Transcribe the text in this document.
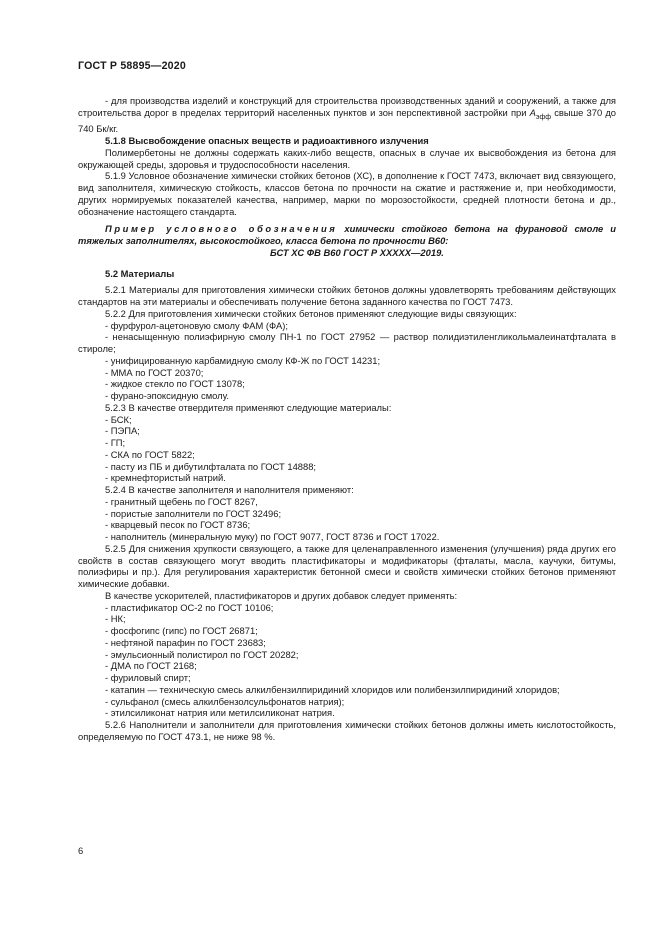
ГОСТ Р 58895—2020

- для производства изделий и конструкций для строительства производственных зданий и сооружений, а также для строительства дорог в пределах территорий населенных пунктов и зон перспективной застройки при $A_{эфф}$ свыше 370 до 740 Бк/кг.

5.1.8 Высвобождение опасных веществ и радиоактивного излучения

Полимербетоны не должны содержать каких-либо веществ, опасных в случае их высвобождения из бетона для окружающей среды, здоровья и трудоспособности населения.

5.1.9 Условное обозначение химически стойких бетонов (ХС), в дополнение к ГОСТ 7473, включает вид связующего, вид заполнителя, химическую стойкость, классов бетона по прочности на сжатие и растяжение и, при необходимости, других нормируемых показателей качества, например, марки по морозостойкости, средней плотности бетона и др., обозначение настоящего стандарта.

Пример условного обозначения химически стойкого бетона на фурановой смоле и тяжелых заполнителях, высокостойкого, класса бетона по прочности В60:

БСТ ХС ФВ В60 ГОСТ Р XXXXX—2019.

5.2 Материалы

5.2.1 Материалы для приготовления химически стойких бетонов должны удовлетворять требованиям действующих стандартов на эти материалы и обеспечивать получение бетона заданного качества по ГОСТ 7473.

5.2.2 Для приготовления химически стойких бетонов применяют следующие виды связующих:

- фурфурол-ацетоновую смолу ФАМ (ФА);

- ненасыщенную полиэфирную смолу ПН-1 по ГОСТ 27952 — раствор полидиэтиленгликольмалеинатфталата в стироле;

- унифицированную карбамидную смолу КФ-Ж по ГОСТ 14231;

- ММА по ГОСТ 20370;

- жидкое стекло по ГОСТ 13078;

- фурано-эпоксидную смолу.

5.2.3 В качестве отвердителя применяют следующие материалы:

- БСК;

- ПЭПА;

- ГП;

- СКА по ГОСТ 5822;

- пасту из ПБ и дибутилфталата по ГОСТ 14888;

- кремнефтористый натрий.

5.2.4 В качестве заполнителя и наполнителя применяют:

- гранитный щебень по ГОСТ 8267,

- пористые заполнители по ГОСТ 32496;

- кварцевый песок по ГОСТ 8736;

- наполнитель (минеральную муку) по ГОСТ 9077, ГОСТ 8736 и ГОСТ 17022.

5.2.5 Для снижения хрупкости связующего, а также для целенаправленного изменения (улучшения) ряда других его свойств в состав связующего могут вводить пластификаторы и модификаторы (фталаты, масла, каучуки, битумы, полиэфиры и пр.). Для регулирования характеристик бетонной смеси и свойств химически стойких бетонов применяют химические добавки.

В качестве ускорителей, пластификаторов и других добавок следует применять:

- пластификатор ОС-2 по ГОСТ 10106;

- НК;

- фосфогипс (гипс) по ГОСТ 26871;

- нефтяной парафин по ГОСТ 23683;

- эмульсионный полистирол по ГОСТ 20282;

- ДМА по ГОСТ 2168;

- фуриловый спирт;

- катапин — техническую смесь алкилбензилпиридиний хлоридов или полибензилпиридиний хлоридов;

- сульфанол (смесь алкилбензолсульфонатов натрия);

- этилсиликонат натрия или метилсиликонат натрия.

5.2.6 Наполнители и заполнители для приготовления химически стойких бетонов должны иметь кислотостойкость, определяемую по ГОСТ 473.1, не ниже 98 %.

6
